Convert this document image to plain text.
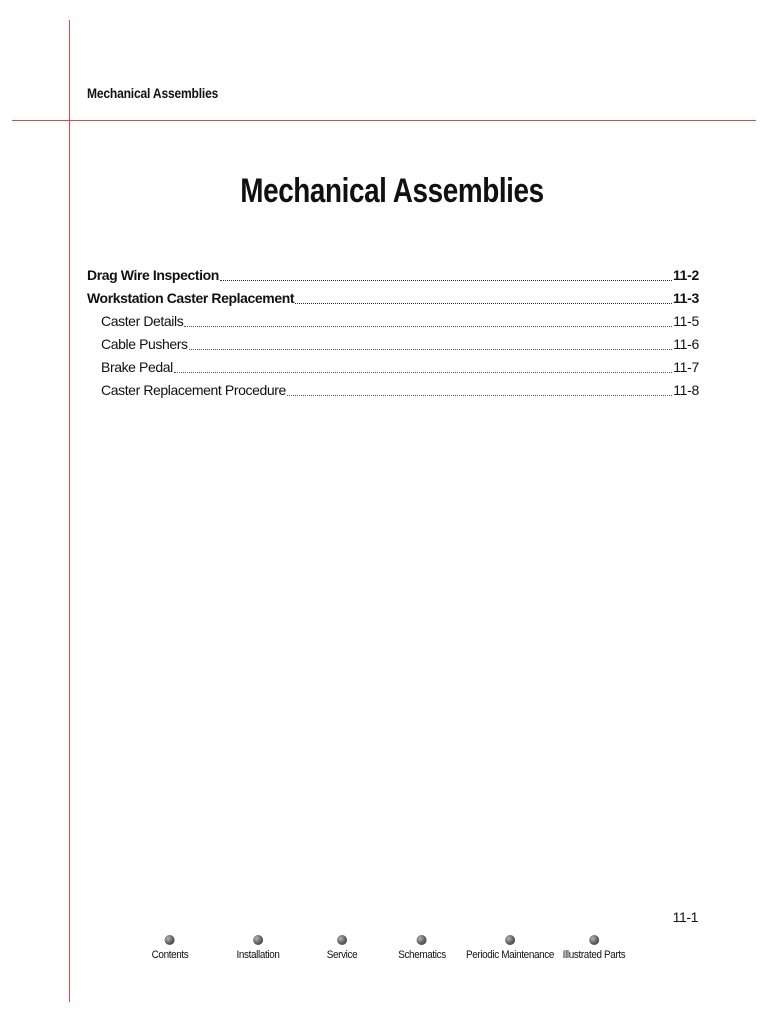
Mechanical Assemblies
Mechanical Assemblies
Drag Wire Inspection	11-2
Workstation Caster Replacement	11-3
Caster Details	11-5
Cable Pushers	11-6
Brake Pedal	11-7
Caster Replacement Procedure	11-8
11-1
Contents	Installation	Service	Schematics Periodic Maintenance Illustrated Parts
